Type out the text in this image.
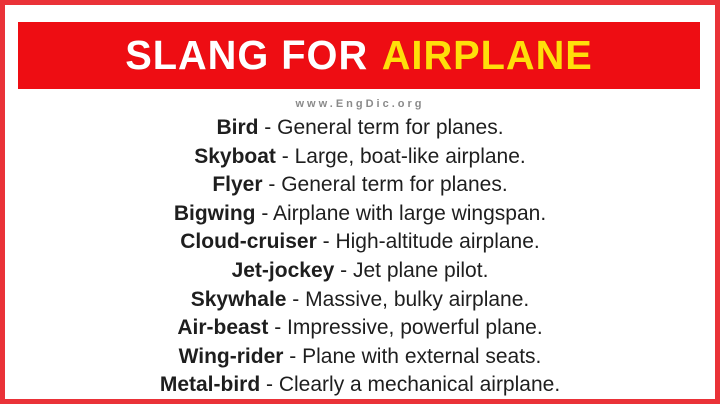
SLANG FOR AIRPLANE
www.EngDic.org
Bird - General term for planes.
Skyboat - Large, boat-like airplane.
Flyer - General term for planes.
Bigwing - Airplane with large wingspan.
Cloud-cruiser - High-altitude airplane.
Jet-jockey - Jet plane pilot.
Skywhale - Massive, bulky airplane.
Air-beast - Impressive, powerful plane.
Wing-rider - Plane with external seats.
Metal-bird - Clearly a mechanical airplane.
